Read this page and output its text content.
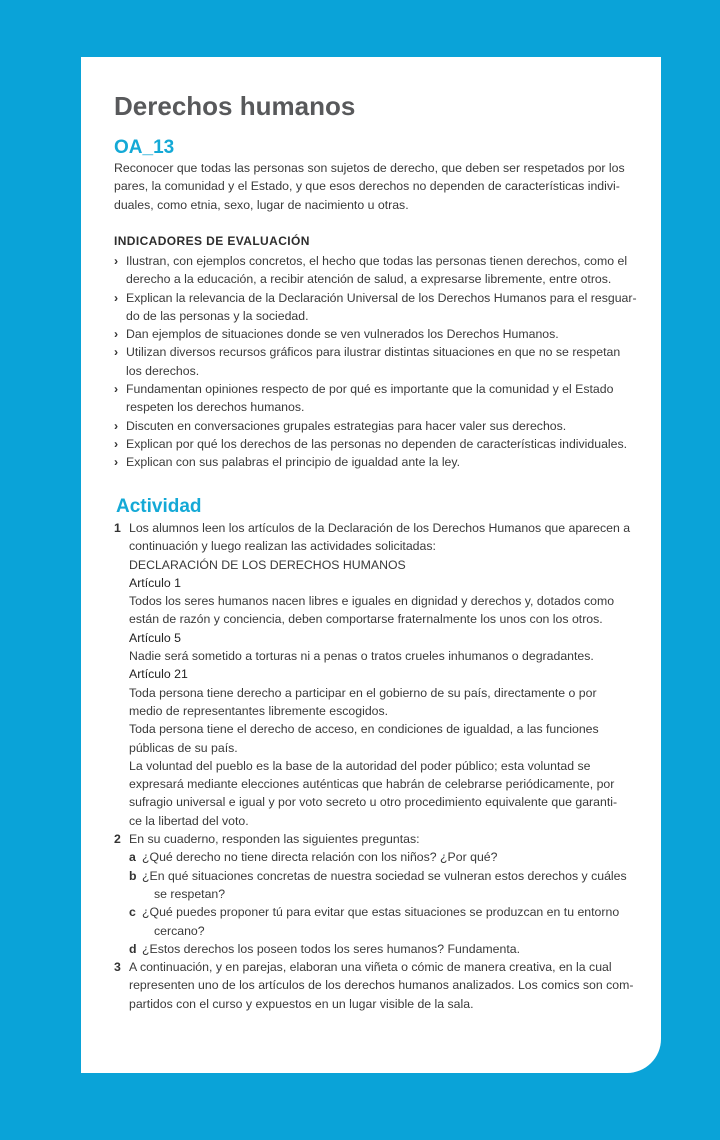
Derechos humanos
OA_13
Reconocer que todas las personas son sujetos de derecho, que deben ser respetados por los
pares, la comunidad y el Estado, y que esos derechos no dependen de características indivi-
duales, como etnia, sexo, lugar de nacimiento u otras.
INDICADORES DE EVALUACIÓN
› Ilustran, con ejemplos concretos, el hecho que todas las personas tienen derechos, como el
derecho a la educación, a recibir atención de salud, a expresarse libremente, entre otros.
› Explican la relevancia de la Declaración Universal de los Derechos Humanos para el resguar-
do de las personas y la sociedad.
› Dan ejemplos de situaciones donde se ven vulnerados los Derechos Humanos.
› Utilizan diversos recursos gráficos para ilustrar distintas situaciones en que no se respetan
los derechos.
› Fundamentan opiniones respecto de por qué es importante que la comunidad y el Estado
respeten los derechos humanos.
› Discuten en conversaciones grupales estrategias para hacer valer sus derechos.
› Explican por qué los derechos de las personas no dependen de características individuales.
› Explican con sus palabras el principio de igualdad ante la ley.
Actividad
1 Los alumnos leen los artículos de la Declaración de los Derechos Humanos que aparecen a
continuación y luego realizan las actividades solicitadas:
DECLARACIÓN DE LOS DERECHOS HUMANOS
Artículo 1
Todos los seres humanos nacen libres e iguales en dignidad y derechos y, dotados como
están de razón y conciencia, deben comportarse fraternalmente los unos con los otros.
Artículo 5
Nadie será sometido a torturas ni a penas o tratos crueles inhumanos o degradantes.
Artículo 21
Toda persona tiene derecho a participar en el gobierno de su país, directamente o por
medio de representantes libremente escogidos.
Toda persona tiene el derecho de acceso, en condiciones de igualdad, a las funciones
públicas de su país.
La voluntad del pueblo es la base de la autoridad del poder público; esta voluntad se
expresará mediante elecciones auténticas que habrán de celebrarse periódicamente, por
sufragio universal e igual y por voto secreto u otro procedimiento equivalente que garanti-
ce la libertad del voto.
2 En su cuaderno, responden las siguientes preguntas:
a ¿Qué derecho no tiene directa relación con los niños? ¿Por qué?
b ¿En qué situaciones concretas de nuestra sociedad se vulneran estos derechos y cuáles
se respetan?
c ¿Qué puedes proponer tú para evitar que estas situaciones se produzcan en tu entorno
cercano?
d ¿Estos derechos los poseen todos los seres humanos? Fundamenta.
3 A continuación, y en parejas, elaboran una viñeta o cómic de manera creativa, en la cual
representen uno de los artículos de los derechos humanos analizados. Los comics son com-
partidos con el curso y expuestos en un lugar visible de la sala.
